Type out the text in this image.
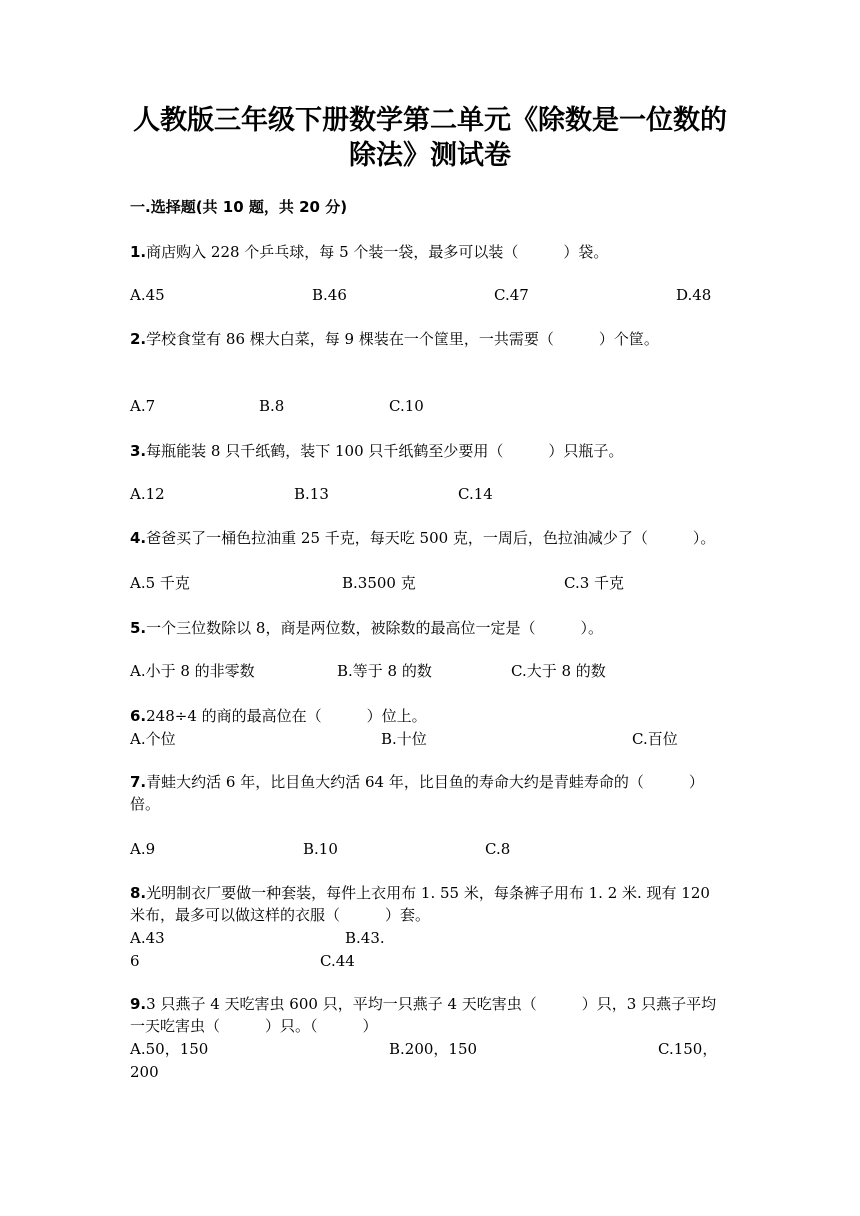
人教版三年级下册数学第二单元《除数是一位数的
除法》测试卷
一.选择题(共 10 题，共 20 分)
1.商店购入 228 个乒乓球，每 5 个装一袋，最多可以装（　　　）袋。
A.45	B.46	C.47	D.48
2.学校食堂有 86 棵大白菜，每 9 棵装在一个筐里，一共需要（　　　）个筐。
A.7	B.8	C.10
3.每瓶能装 8 只千纸鹤，装下 100 只千纸鹤至少要用（　　　）只瓶子。
A.12	B.13	C.14
4.爸爸买了一桶色拉油重 25 千克，每天吃 500 克，一周后，色拉油减少了（　　　）。
A.5 千克	B.3500 克	C.3 千克
5.一个三位数除以 8，商是两位数，被除数的最高位一定是（　　　）。
A.小于 8 的非零数	B.等于 8 的数	C.大于 8 的数
6.248÷4 的商的最高位在（　　　）位上。
A.个位	B.十位	C.百位
7.青蛙大约活 6 年，比目鱼大约活 64 年，比目鱼的寿命大约是青蛙寿命的（　　　）倍。
A.9	B.10	C.8
8.光明制衣厂要做一种套装，每件上衣用布 1. 55 米，每条裤子用布 1. 2 米. 现有 120 米布，最多可以做这样的衣服（　　　）套。
A.43	B.43.
6	C.44
9.3 只燕子 4 天吃害虫 600 只，平均一只燕子 4 天吃害虫（　　　）只，3 只燕子平均一天吃害虫（　　　）只。（　　　）
A.50，150	B.200，150	C.150，
200
